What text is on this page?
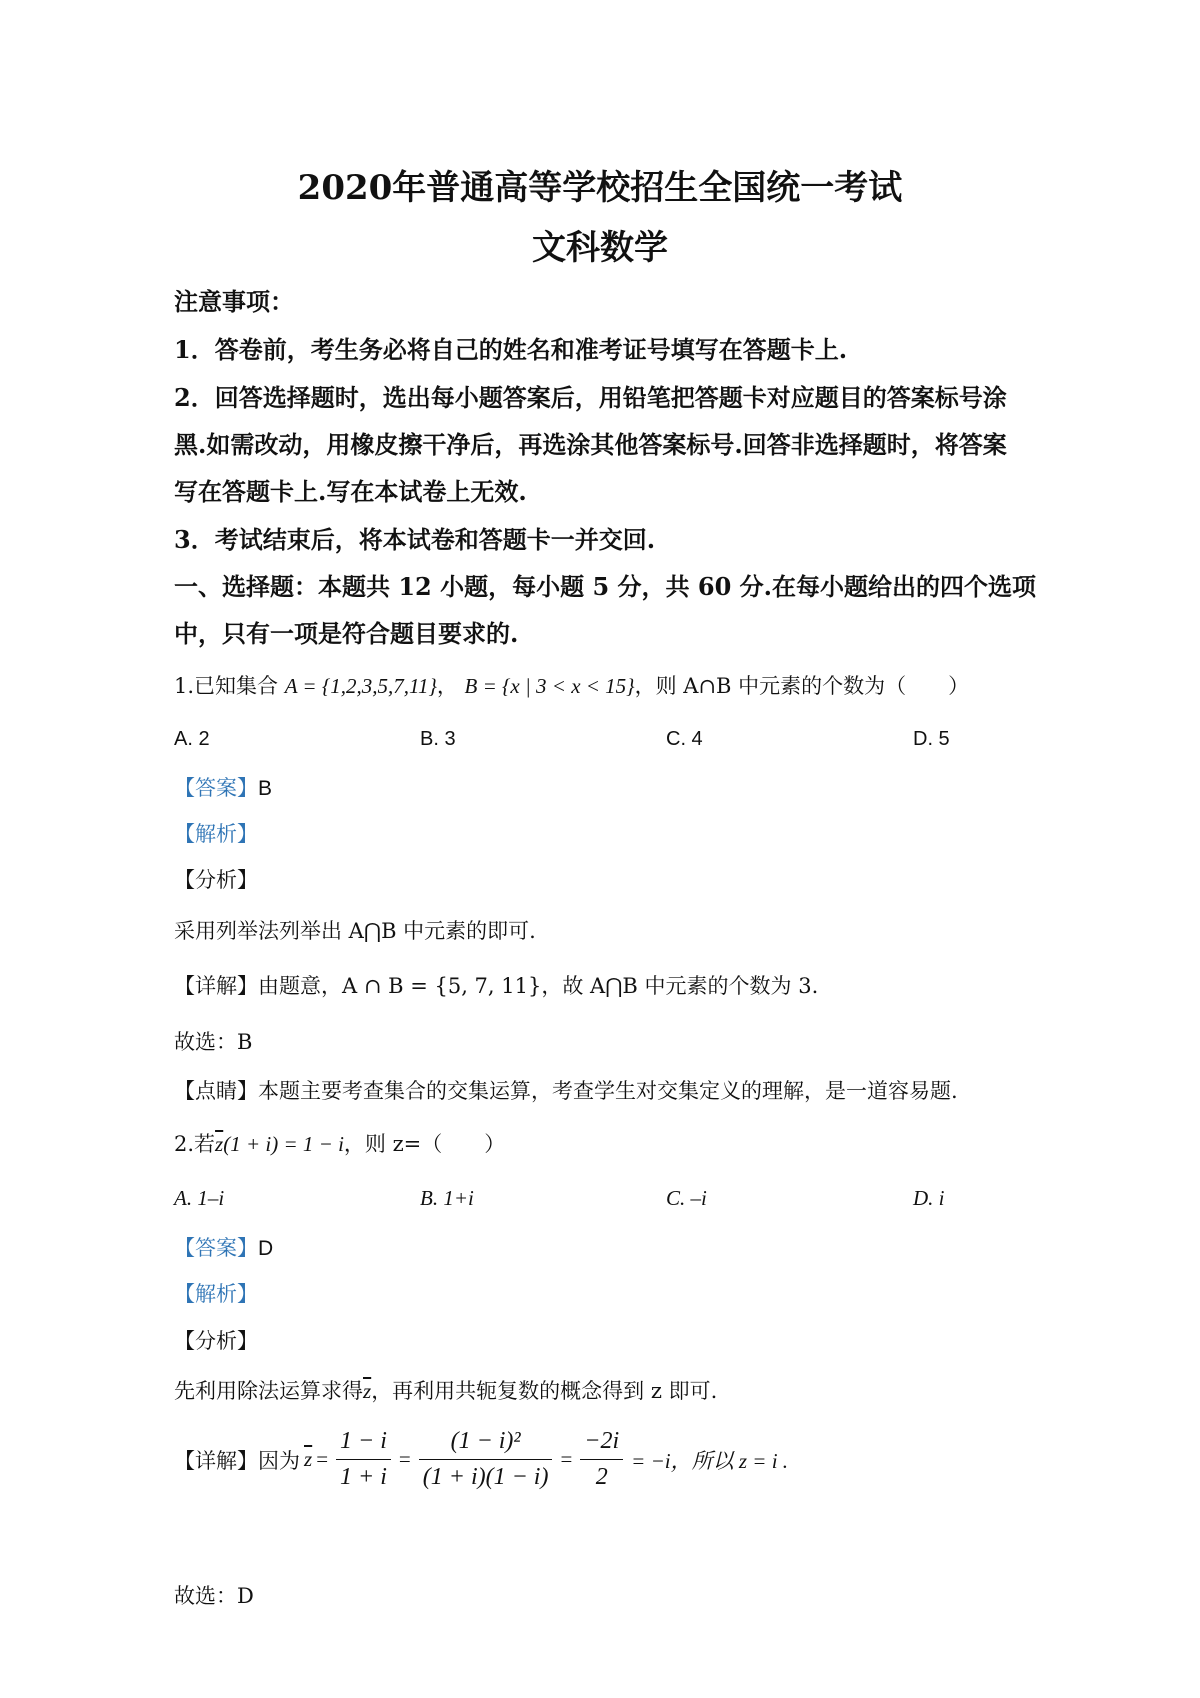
2020年普通高等学校招生全国统一考试
文科数学
注意事项：
1．答卷前，考生务必将自己的姓名和准考证号填写在答题卡上.
2．回答选择题时，选出每小题答案后，用铅笔把答题卡对应题目的答案标号涂
黑.如需改动，用橡皮擦干净后，再选涂其他答案标号.回答非选择题时，将答案
写在答题卡上.写在本试卷上无效.
3．考试结束后，将本试卷和答题卡一并交回.
一、选择题：本题共 12 小题，每小题 5 分，共 60 分.在每小题给出的四个选项
中，只有一项是符合题目要求的.
1.已知集合 A = {1,2,3,5,7,11}， B = {x | 3 < x < 15}，则 A∩B 中元素的个数为（　　）
A. 2	B. 3	C. 4	D. 5
【答案】B
【解析】
【分析】
采用列举法列举出 A⋂B 中元素的即可.
【详解】由题意，A ∩ B = {5, 7, 11}，故 A⋂B 中元素的个数为 3.
故选：B
【点睛】本题主要考查集合的交集运算，考查学生对交集定义的理解，是一道容易题.
2.若$\overline{z}(1 + i) = 1 - i$，则 z=（　　）
A. 1–i	B. 1+i	C. –i	D. i
【答案】D
【解析】
【分析】
先利用除法运算求得$\overline{z}$，再利用共轭复数的概念得到 z 即可.
【详解】 因为 $\overline{z} = \frac{1 - i}{1 + i} = \frac{\text{(1 − i)²}}{(1 + i)(1 - i)} = \frac{-2i}{2} = -i$，所以 z = i .
故选：D
